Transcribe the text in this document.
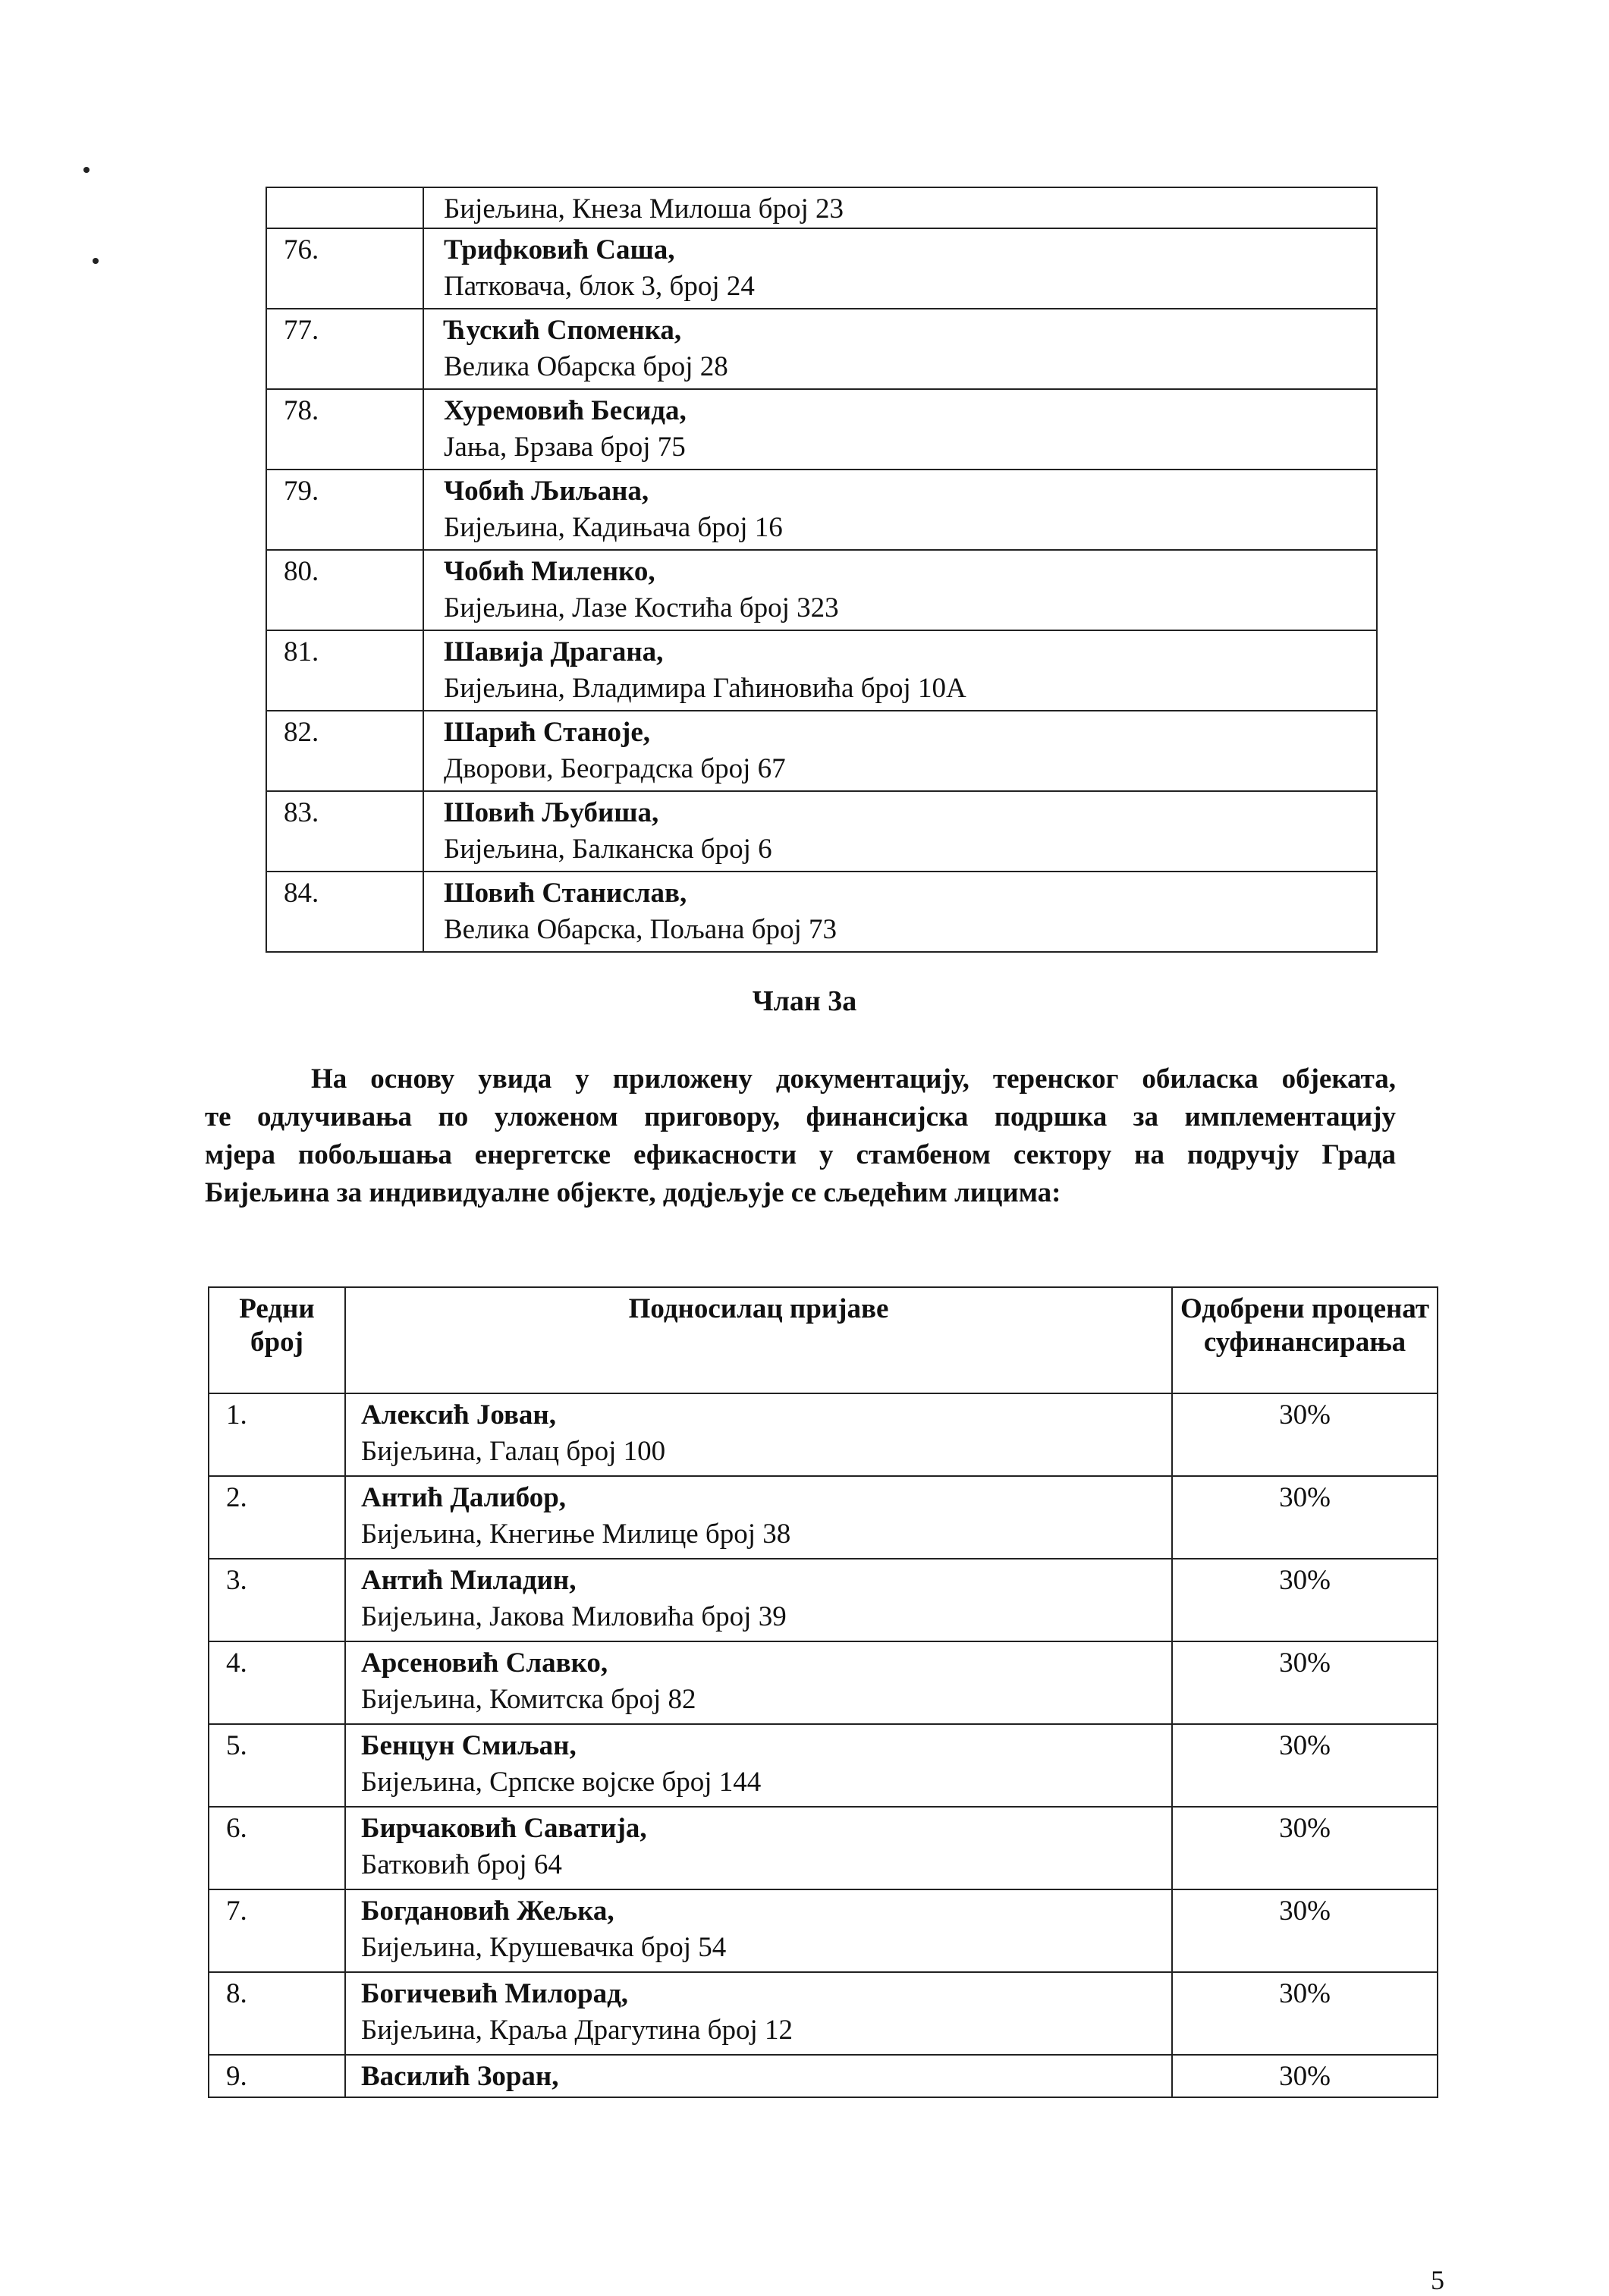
	Бијељина, Кнеза Милоша број 23
76.	Трифковић Саша,
Патковача, блок 3, број 24

77.	Ћускић Споменка,
Велика Обарска број 28

78.	Хуремовић Бесида,
Јања, Брзава број 75

79.	Чобић Љиљана,
Бијељина, Кадињача број 16

80.	Чобић Миленко,
Бијељина, Лазе Костића број 323

81.	Шавија Драгана,
Бијељина, Владимира Гаћиновића број 10А

82.	Шарић Станоје,
Дворови, Београдска број 67

83.	Шовић Љубиша,
Бијељина, Балканска број 6

84.	Шовић Станислав,
Велика Обарска, Пољана број 73
Члан 3а
На основу увида у приложену документацију, теренског обиласка објеката,
те одлучивања по уложеном приговору, финансијска подршка за имплементацију
мјера побољшања енергетске ефикасности у стамбеном сектору на подручју Града
Бијељина за индивидуалне објекте, додјељује се сљедећим лицима:
Редни број	Подносилац пријаве	Одобрени проценат суфинансирања
1.	Алексић Јован,
Бијељина, Галац број 100	30%
2.	Антић Далибор,
Бијељина, Кнегиње Милице број 38	30%
3.	Антић Миладин,
Бијељина, Јакова Миловића број 39	30%
4.	Арсеновић Славко,
Бијељина, Комитска број 82	30%
5.	Бенцун Смиљан,
Бијељина, Српске војске број 144	30%
6.	Бирчаковић Саватија,
Батковић број 64	30%
7.	Богдановић Жељка,
Бијељина, Крушевачка број 54	30%
8.	Богичевић Милорад,
Бијељина, Краља Драгутина број 12	30%
9.	Василић Зоран,	30%
5
